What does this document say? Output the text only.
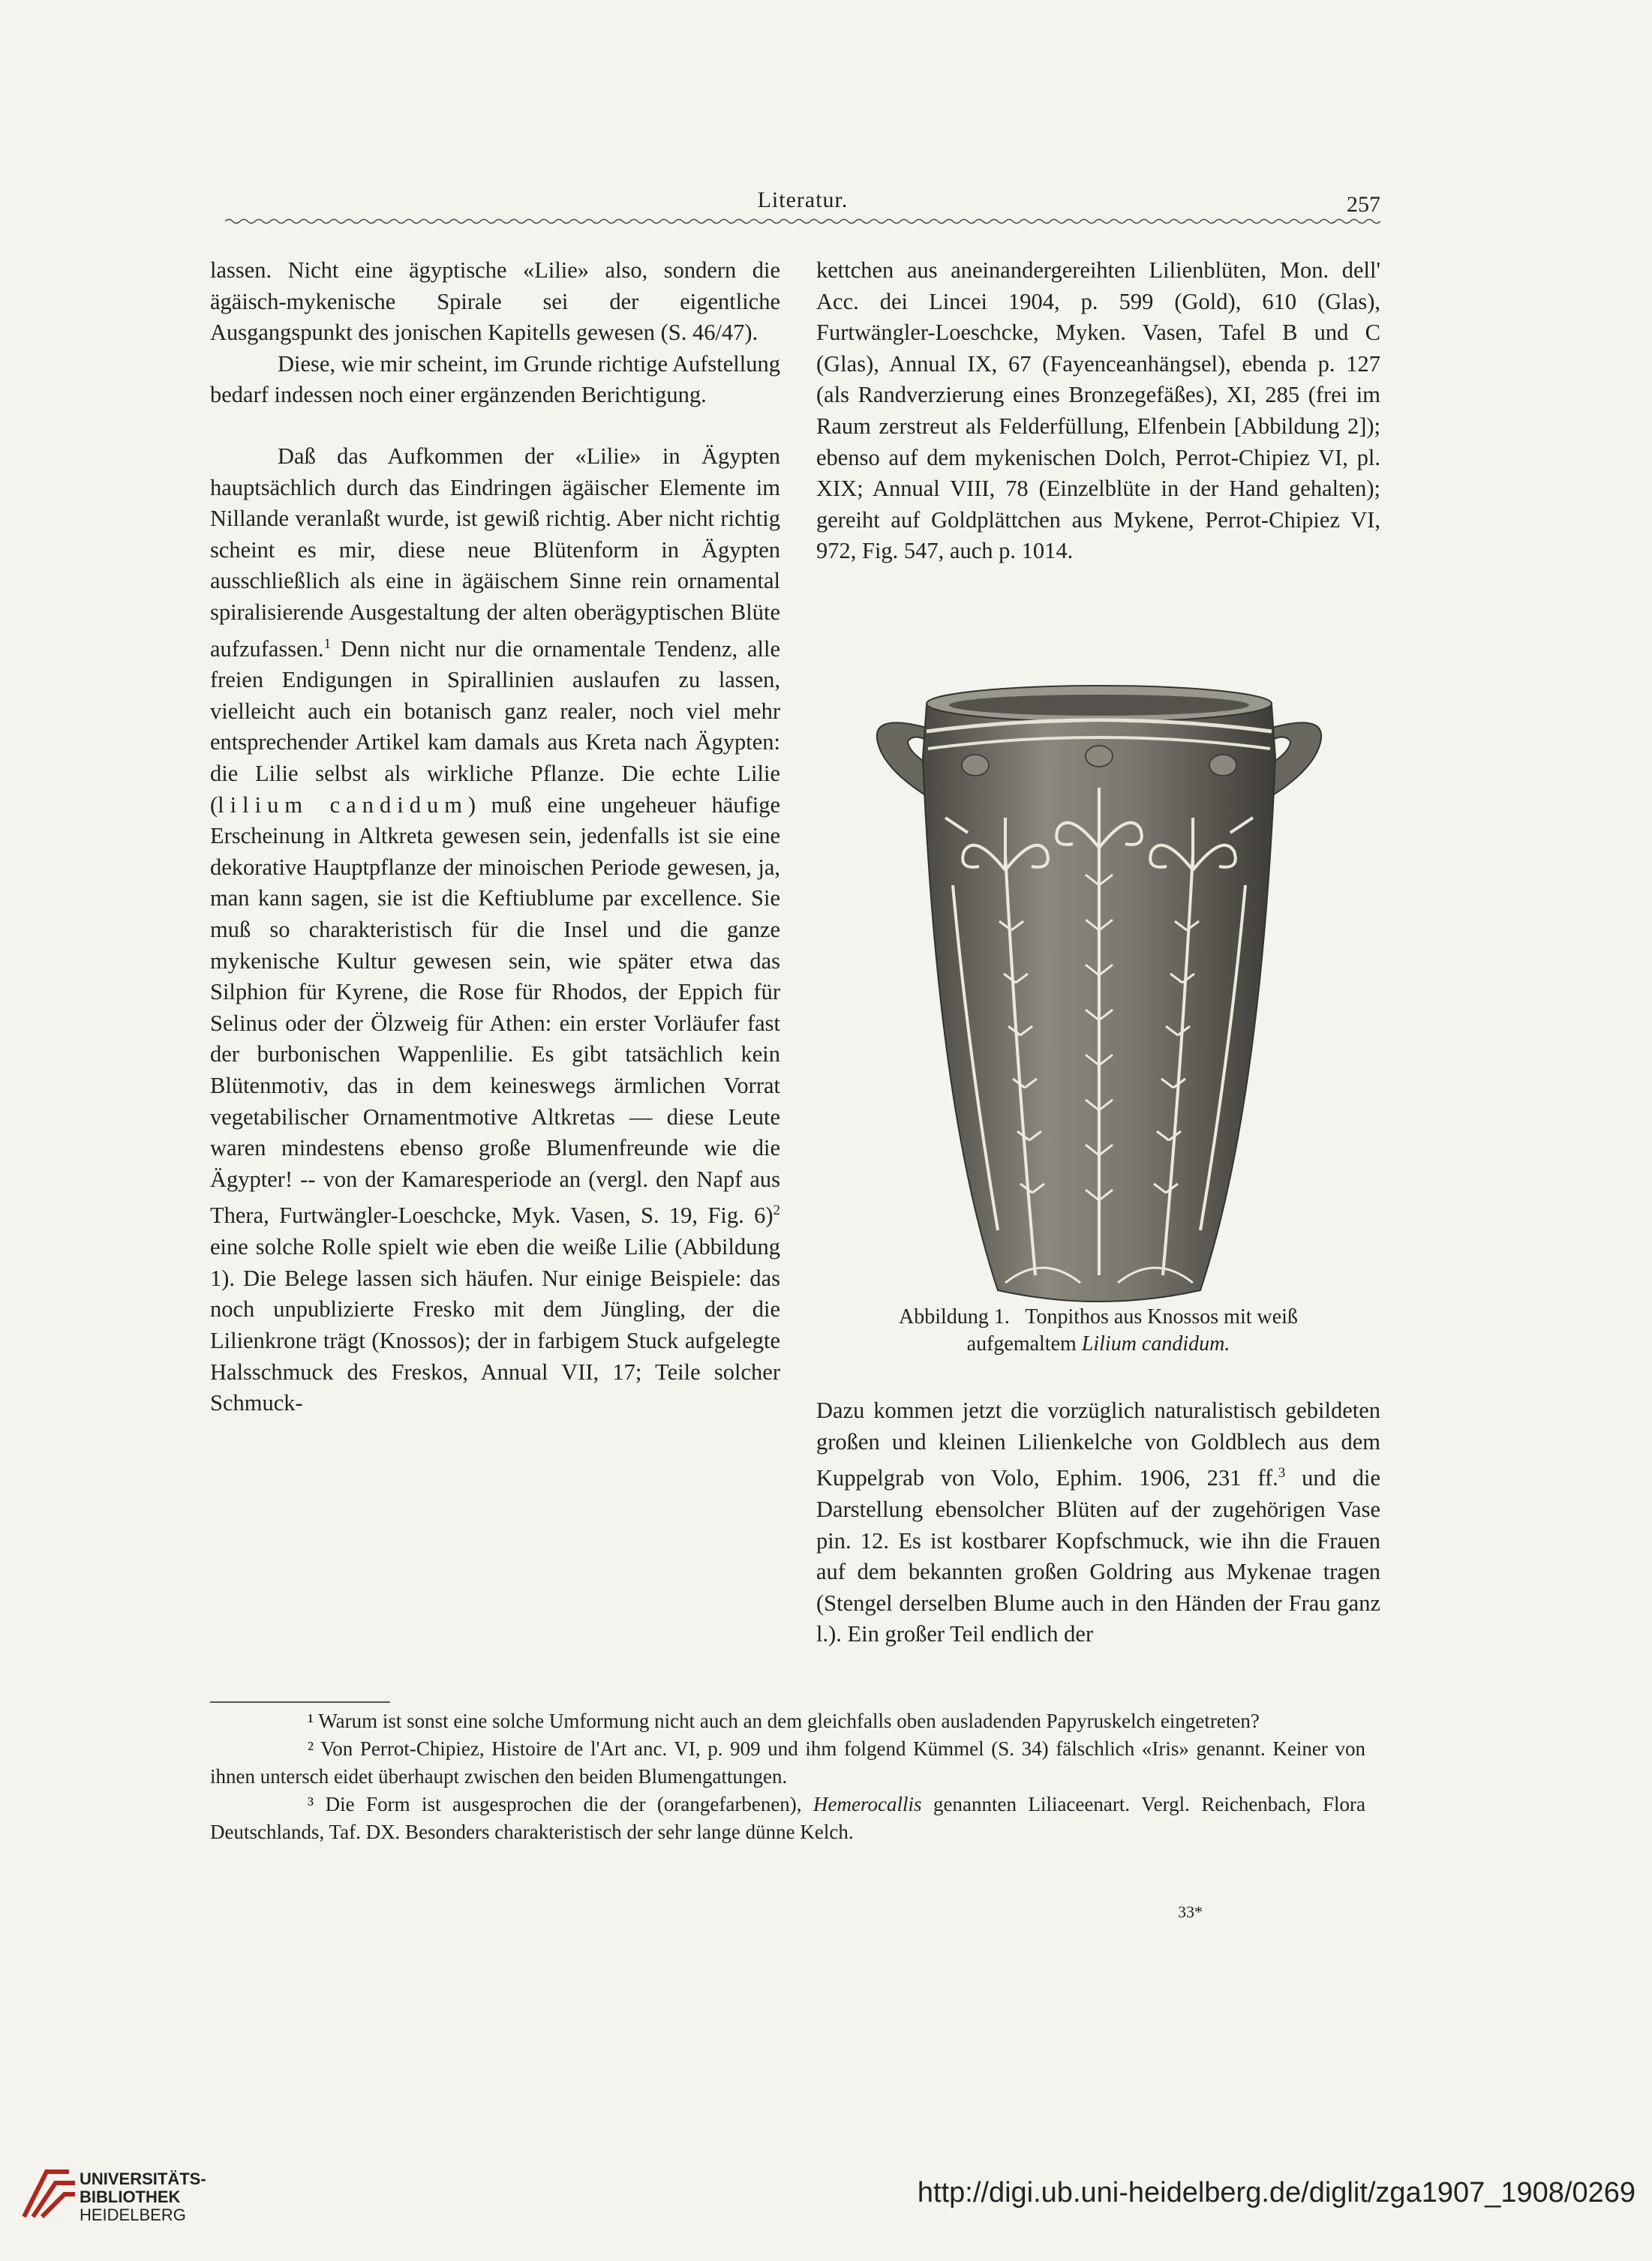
Literatur.	257

lassen. Nicht eine ägyptische «Lilie» also, sondern die ägäisch-mykenische Spirale sei der eigentliche Ausgangspunkt des jonischen Kapitells gewesen (S. 46/47).

Diese, wie mir scheint, im Grunde richtige Aufstellung bedarf indessen noch einer ergänzenden Berichtigung.

Daß das Aufkommen der «Lilie» in Ägypten hauptsächlich durch das Eindringen ägäischer Elemente im Nillande veranlaßt wurde, ist gewiß richtig. Aber nicht richtig scheint es mir, diese neue Blütenform in Ägypten ausschließlich als eine in ägäischem Sinne rein ornamental spiralisierende Ausgestaltung der alten oberägyptischen Blüte aufzufassen.$^1$ Denn nicht nur die ornamentale Tendenz, alle freien Endigungen in Spirallinien auslaufen zu lassen, vielleicht auch ein botanisch ganz realer, noch viel mehr entsprechender Artikel kam damals aus Kreta nach Ägypten: die Lilie selbst als wirkliche Pflanze. Die echte Lilie (lilium candidum) muß eine ungeheuer häufige Erscheinung in Altkreta gewesen sein, jedenfalls ist sie eine dekorative Hauptpflanze der minoischen Periode gewesen, ja, man kann sagen, sie ist die Keftiublume par excellence. Sie muß so charakteristisch für die Insel und die ganze mykenische Kultur gewesen sein, wie später etwa das Silphion für Kyrene, die Rose für Rhodos, der Eppich für Selinus oder der Ölzweig für Athen: ein erster Vorläufer fast der burbonischen Wappenlilie. Es gibt tatsächlich kein Blütenmotiv, das in dem keineswegs ärmlichen Vorrat vegetabilischer Ornamentmotive Altkretas — diese Leute waren mindestens ebenso große Blumenfreunde wie die Ägypter! -- von der Kamaresperiode an (vergl. den Napf aus Thera, Furtwängler-Loeschcke, Myk. Vasen, S. 19, Fig. 6)$^2$ eine solche Rolle spielt wie eben die weiße Lilie (Abbildung 1). Die Belege lassen sich häufen. Nur einige Beispiele: das noch unpublizierte Fresko mit dem Jüngling, der die Lilienkrone trägt (Knossos); der in farbigem Stuck aufgelegte Halsschmuck des Freskos, Annual VII, 17; Teile solcher Schmuck-

kettchen aus aneinandergereihten Lilienblüten, Mon. dell' Acc. dei Lincei 1904, p. 599 (Gold), 610 (Glas), Furtwängler-Loeschcke, Myken. Vasen, Tafel B und C (Glas), Annual IX, 67 (Fayenceanhängsel), ebenda p. 127 (als Randverzierung eines Bronzegefäßes), XI, 285 (frei im Raum zerstreut als Felderfüllung, Elfenbein [Abbildung 2]); ebenso auf dem mykenischen Dolch, Perrot-Chipiez VI, pl. XIX; Annual VIII, 78 (Einzelblüte in der Hand gehalten); gereiht auf Goldplättchen aus Mykene, Perrot-Chipiez VI, 972, Fig. 547, auch p. 1014.

Abbildung 1.   Tonpithos aus Knossos mit weiß
aufgemaltem Lilium candidum.

Dazu kommen jetzt die vorzüglich naturalistisch gebildeten großen und kleinen Lilienkelche von Goldblech aus dem Kuppelgrab von Volo, Ephim. 1906, 231 ff.$^3$ und die Darstellung ebensolcher Blüten auf der zugehörigen Vase pin. 12. Es ist kostbarer Kopfschmuck, wie ihn die Frauen auf dem bekannten großen Goldring aus Mykenae tragen (Stengel derselben Blume auch in den Händen der Frau ganz l.). Ein großer Teil endlich der

¹ Warum ist sonst eine solche Umformung nicht auch an dem gleichfalls oben ausladenden Papyruskelch eingetreten?

² Von Perrot-Chipiez, Histoire de l'Art anc. VI, p. 909 und ihm folgend Kümmel (S. 34) fälschlich «Iris» genannt. Keiner von ihnen untersch eidet überhaupt zwischen den beiden Blumengattungen.

³ Die Form ist ausgesprochen die der (orangefarbenen), Hemerocallis genannten Liliaceenart. Vergl. Reichenbach, Flora Deutschlands, Taf. DX. Besonders charakteristisch der sehr lange dünne Kelch.

33*
UNIVERSITÄTS-
BIBLIOTHEK
HEIDELBERG
http://digi.ub.uni-heidelberg.de/diglit/zga1907_1908/0269
